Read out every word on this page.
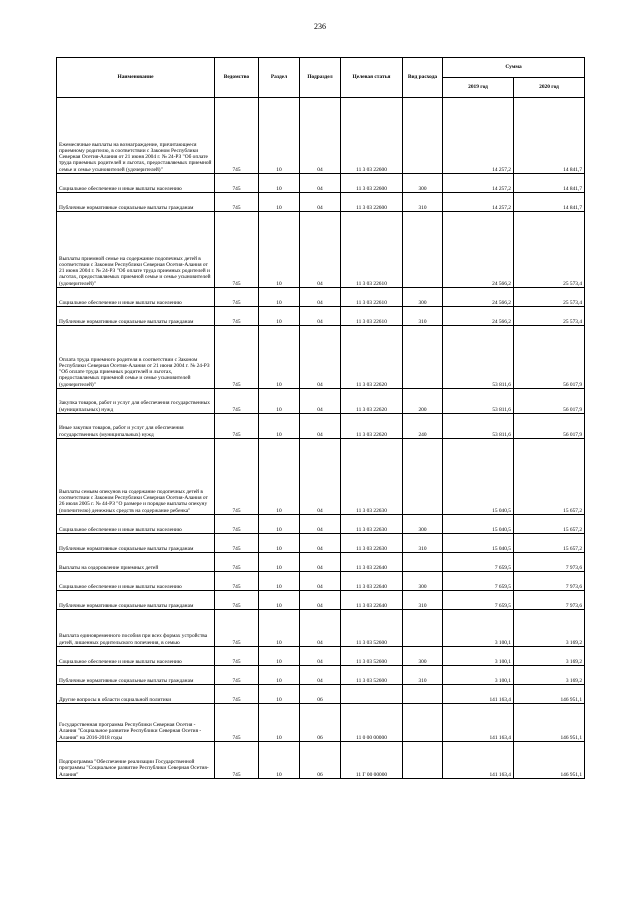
236
Наименование	Ведомство	Раздел	Подраздел	Целевая статья	Вид расхода	Сумма	
						2019 год	2020 год
Ежемесячные выплаты на вознаграждение, причитающееся приемному родителю, в соответствии с Законом Республики Северная Осетия-Алания от 21 июня 2004 г. № 24-РЗ "Об оплате труда приемных родителей и льготах, предоставляемых приемной семье и семье усыновителей (удочерителей)"	745	10	04	11 3 03 22600		14 257,2	14 841,7
Социальное обеспечение и иные выплаты населению	745	10	04	11 3 03 22600	300	14 257,2	14 841,7
Публичные нормативные социальные выплаты гражданам	745	10	04	11 3 03 22600	310	14 257,2	14 841,7
Выплаты приемной семье на содержание подопечных детей в соответствии с Законом Республики Северная Осетия-Алания от 21 июня 2004 г. № 24-РЗ "Об оплате труда приемных родителей и льготах, предоставляемых приемной семье и семье усыновителей (удочерителей)"	745	10	04	11 3 03 22610		24 566,2	25 573,4
Социальное обеспечение и иные выплаты населению	745	10	04	11 3 03 22610	300	24 566,2	25 573,4
Публичные нормативные социальные выплаты гражданам	745	10	04	11 3 03 22610	310	24 566,2	25 573,4
Оплата труда приемного родителя в соответствии с Законом Республики Северная Осетия-Алания от 21 июня 2004 г. № 24-РЗ "Об оплате труда приемных родителей и льготах, предоставляемых приемной семье и семье усыновителей (удочерителей)"	745	10	04	11 3 03 22620		53 811,6	56 017,9
Закупка товаров, работ и услуг для обеспечения государственных (муниципальных) нужд	745	10	04	11 3 03 22620	200	53 811,6	56 017,9
Иные закупки товаров, работ и услуг для обеспечения государственных (муниципальных) нужд	745	10	04	11 3 03 22620	240	53 811,6	56 017,9
Выплаты семьям опекунов на содержание подопечных детей в соответствии с Законом Республики Северная Осетия-Алания от 26 июля 2005 г. № 44-РЗ "О размере и порядке выплаты опекуну (попечителю) денежных средств на содержание ребенка"	745	10	04	11 3 03 22630		15 040,5	15 657,2
Социальное обеспечение и иные выплаты населению	745	10	04	11 3 03 22630	300	15 040,5	15 657,2
Публичные нормативные социальные выплаты гражданам	745	10	04	11 3 03 22630	310	15 040,5	15 657,2
Выплаты на оздоровление приемных детей	745	10	04	11 3 03 22640		7 659,5	7 973,6
Социальное обеспечение и иные выплаты населению	745	10	04	11 3 03 22640	300	7 659,5	7 973,6
Публичные нормативные социальные выплаты гражданам	745	10	04	11 3 03 22640	310	7 659,5	7 973,6
Выплата единовременного пособия при всех формах устройства детей, лишенных родительского попечения, в семью	745	10	04	11 3 03 52600		3 100,1	3 169,2
Социальное обеспечение и иные выплаты населению	745	10	04	11 3 03 52600	300	3 100,1	3 169,2
Публичные нормативные социальные выплаты гражданам	745	10	04	11 3 03 52600	310	3 100,1	3 169,2
Другие вопросы в области социальной политики	745	10	06			141 163,4	146 951,1
Государственная программа Республики Северная Осетия - Алания "Социальное развитие Республики Северная Осетия - Алания" на 2016-2018 годы	745	10	06	11 0 00 00000		141 163,4	146 951,1
Подпрограмма "Обеспечение реализации Государственной программы "Социальное развитие Республики Северная Осетия-Алания"	745	10	06	11 Г 00 00000		141 163,4	146 951,1
